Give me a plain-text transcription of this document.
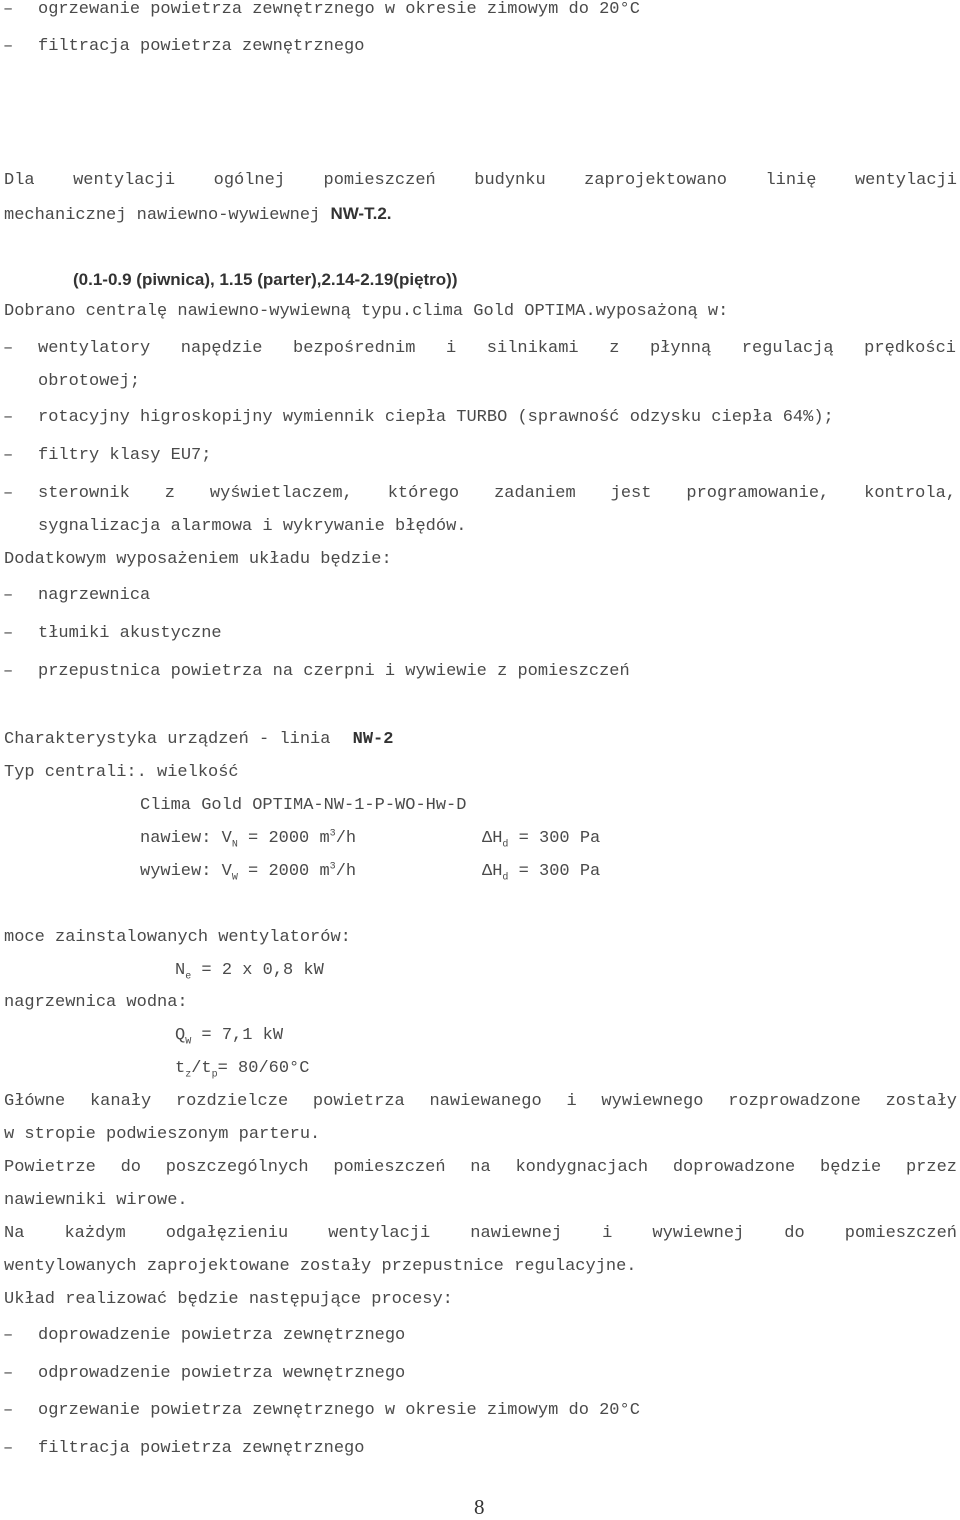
– ogrzewanie powietrza zewnętrznego w okresie zimowym do 20°C
– filtracja powietrza zewnętrznego
Dla wentylacji ogólnej pomieszczeń budynku zaprojektowano linię wentylacji
mechanicznej nawiewno-wywiewnej NW-T.2.
(0.1-0.9 (piwnica), 1.15 (parter),2.14-2.19(piętro))
Dobrano centralę nawiewno-wywiewną typu.clima Gold OPTIMA.wyposażoną w:
– wentylatory napędzie bezpośrednim i silnikami z płynną regulacją prędkości
obrotowej;
– rotacyjny higroskopijny wymiennik ciepła TURBO (sprawność odzysku ciepła 64%);
– filtry klasy EU7;
– sterownik z wyświetlaczem, którego zadaniem jest programowanie, kontrola,
sygnalizacja alarmowa i wykrywanie błędów.
Dodatkowym wyposażeniem układu będzie:
– nagrzewnica
– tłumiki akustyczne
– przepustnica powietrza na czerpni i wywiewie z pomieszczeń
Charakterystyka urządzeń - linia NW-2
Typ centrali:. wielkość
Clima Gold OPTIMA-NW-1-P-WO-Hw-D
nawiew: $V_N = 2000$ $m^3/h$	$\Delta H_d = 300$ Pa
wywiew: $V_W = 2000$ $m^3/h$	$\Delta H_d = 300$ Pa
moce zainstalowanych wentylatorów:
$N_e = 2$ x 0,8 kW
nagrzewnica wodna:
$Q_W = 7,1$ kW
$t_z/t_p= 80/60^\circ C$
Główne kanały rozdzielcze powietrza nawiewanego i wywiewnego rozprowadzone zostały
w stropie podwieszonym parteru.
Powietrze do poszczególnych pomieszczeń na kondygnacjach doprowadzone będzie przez
nawiewniki wirowe.
Na każdym odgałęzieniu wentylacji nawiewnej i wywiewnej do pomieszczeń
wentylowanych zaprojektowane zostały przepustnice regulacyjne.
Układ realizować będzie następujące procesy:
– doprowadzenie powietrza zewnętrznego
– odprowadzenie powietrza wewnętrznego
– ogrzewanie powietrza zewnętrznego w okresie zimowym do 20°C
– filtracja powietrza zewnętrznego
8
